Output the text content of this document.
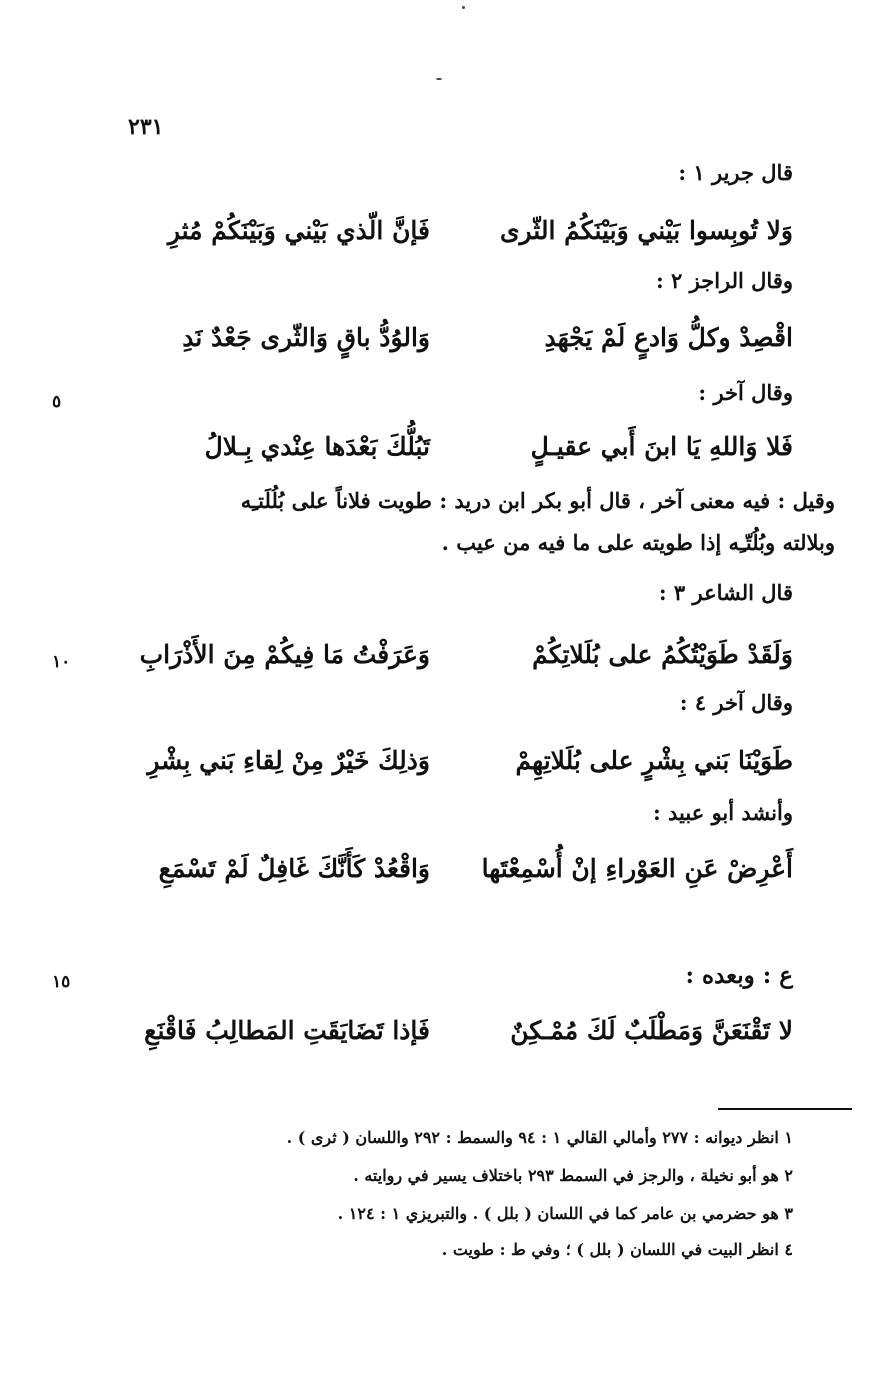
٢٣١
قال جرير ١ :
وَلا تُوبِسوا بَيْني وَبَيْنَكُمُ الثّرى
فَإنَّ الّذي بَيْني وَبَيْنَكُمْ مُثرِ
وقال الراجز ٢ :
اقْصِدْ وكلُّ وَادعٍ لَمْ يَجْهَدِ
وَالوُدُّ باقٍ وَالثّرى جَعْدٌ نَدِ
وقال آخر :
٥
فَلا وَاللهِ يَا ابنَ أَبي عقيـلٍ
تَبُلُّكَ بَعْدَها عِنْدي بِـلالُ
وقيل : فيه معنى آخر ، قال أبو بكر ابن دريد : طويت فلاناً على بُلُلَتـِه
وبلالته وبُلُتّـِه إذا طويته على ما فيه من عيب .
قال الشاعر ٣ :
وَلَقَدْ طَوَيْتُكُمُ على بُلَلاتِكُمْ
وَعَرَفْتُ مَا فِيكُمْ مِنَ الأَذْرَابِ
١٠
وقال آخر ٤ :
طَوَيْنَا بَني بِشْرٍ على بُلَلاتِهِمْ
وَذلِكَ خَيْرٌ مِنْ لِقاءِ بَني بِشْرِ
وأنشد أبو عبيد :
أَعْرِضْ عَنِ العَوْراءِ إنْ أُسْمِعْتَها
وَاقْعُدْ كَأَنَّكَ غَافِلٌ لَمْ تَسْمَعِ
ع : وبعده :
١٥
لا تَقْنَعَنَّ وَمَطْلَبٌ لَكَ مُمْـكِنٌ
فَإذا تَضَايَقَتِ المَطالِبُ فَاقْنَعِ
١ انظر ديوانه : ٢٧٧ وأمالي القالي ١ : ٩٤ والسمط : ٢٩٢ واللسان ( ثرى ) .
٢ هو أبو نخيلة ، والرجز في السمط ٢٩٣ باختلاف يسير في روايته .
٣ هو حضرمي بن عامر كما في اللسان ( بلل ) . والتبريزي ١ : ١٢٤ .
٤ انظر البيت في اللسان ( بلل ) ؛ وفي ط : طويت .
